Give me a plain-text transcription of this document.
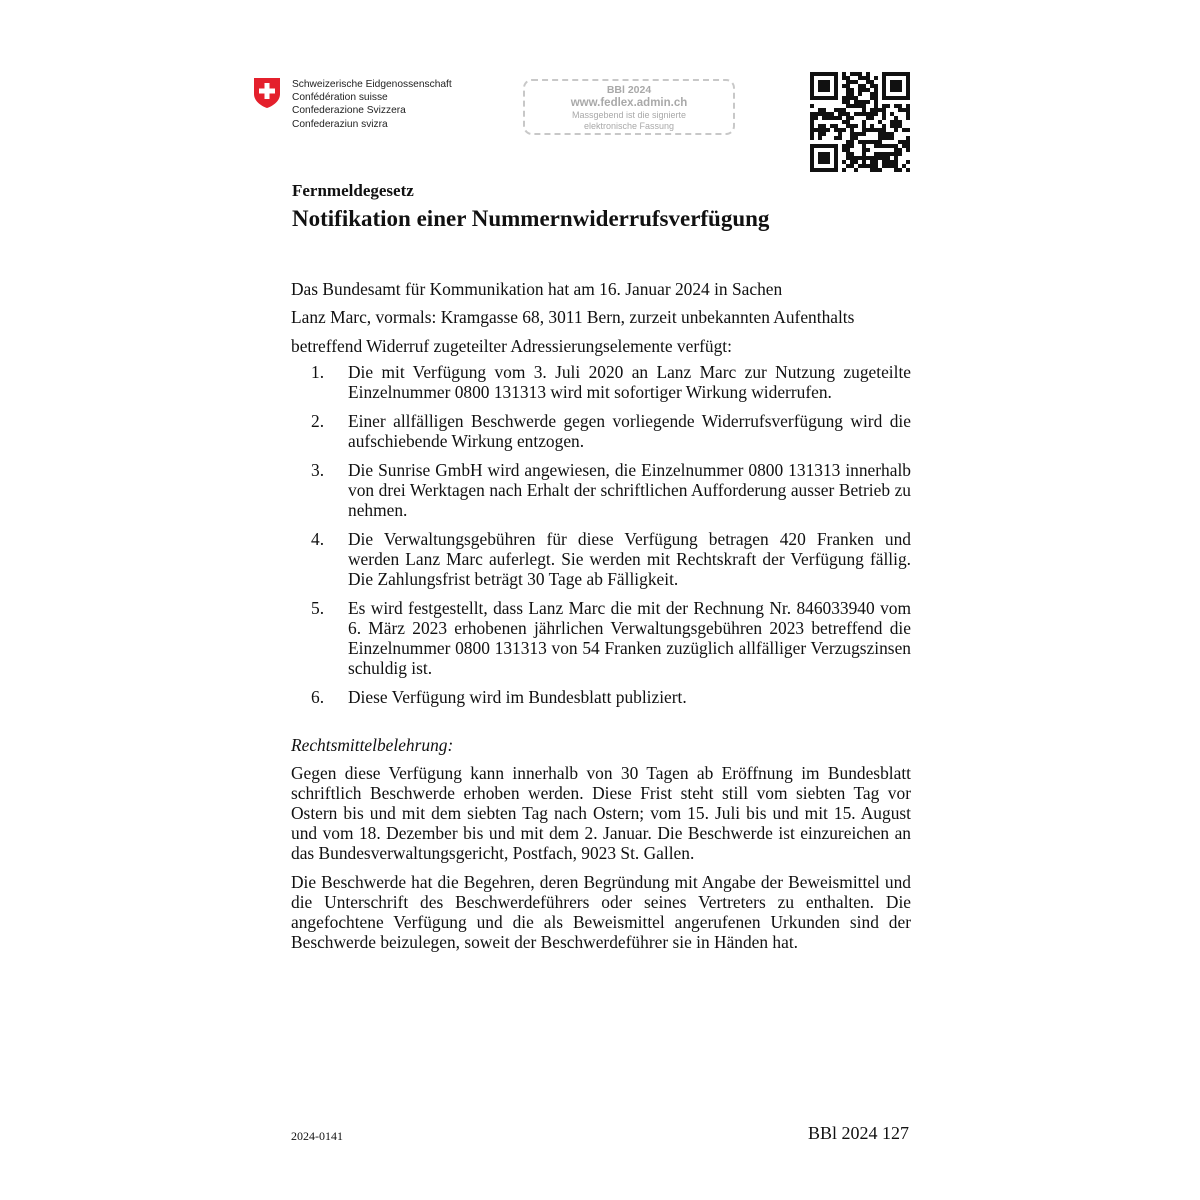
Schweizerische Eidgenossenschaft
Confédération suisse
Confederazione Svizzera
Confederaziun svizra
BBl 2024
www.fedlex.admin.ch
Massgebend ist die signierte
elektronische Fassung
Fernmeldegesetz
Notifikation einer Nummernwiderrufsverfügung
Das Bundesamt für Kommunikation hat am 16. Januar 2024 in Sachen
Lanz Marc, vormals: Kramgasse 68, 3011 Bern, zurzeit unbekannten Aufenthalts
betreffend Widerruf zugeteilter Adressierungselemente verfügt:
1. Die mit Verfügung vom 3. Juli 2020 an Lanz Marc zur Nutzung zugeteilte Einzelnummer 0800 131313 wird mit sofortiger Wirkung widerrufen.
2. Einer allfälligen Beschwerde gegen vorliegende Widerrufsverfügung wird die aufschiebende Wirkung entzogen.
3. Die Sunrise GmbH wird angewiesen, die Einzelnummer 0800 131313 innerhalb von drei Werktagen nach Erhalt der schriftlichen Aufforderung ausser Betrieb zu nehmen.
4. Die Verwaltungsgebühren für diese Verfügung betragen 420 Franken und werden Lanz Marc auferlegt. Sie werden mit Rechtskraft der Verfügung fällig. Die Zahlungsfrist beträgt 30 Tage ab Fälligkeit.
5. Es wird festgestellt, dass Lanz Marc die mit der Rechnung Nr. 846033940 vom 6. März 2023 erhobenen jährlichen Verwaltungsgebühren 2023 betreffend die Einzelnummer 0800 131313 von 54 Franken zuzüglich allfälliger Verzugszinsen schuldig ist.
6. Diese Verfügung wird im Bundesblatt publiziert.
Rechtsmittelbelehrung:
Gegen diese Verfügung kann innerhalb von 30 Tagen ab Eröffnung im Bundesblatt schriftlich Beschwerde erhoben werden. Diese Frist steht still vom siebten Tag vor Ostern bis und mit dem siebten Tag nach Ostern; vom 15. Juli bis und mit 15. August und vom 18. Dezember bis und mit dem 2. Januar. Die Beschwerde ist einzureichen an das Bundesverwaltungsgericht, Postfach, 9023 St. Gallen.
Die Beschwerde hat die Begehren, deren Begründung mit Angabe der Beweismittel und die Unterschrift des Beschwerdeführers oder seines Vertreters zu enthalten. Die angefochtene Verfügung und die als Beweismittel angerufenen Urkunden sind der Beschwerde beizulegen, soweit der Beschwerdeführer sie in Händen hat.
2024-0141	BBl 2024 127
